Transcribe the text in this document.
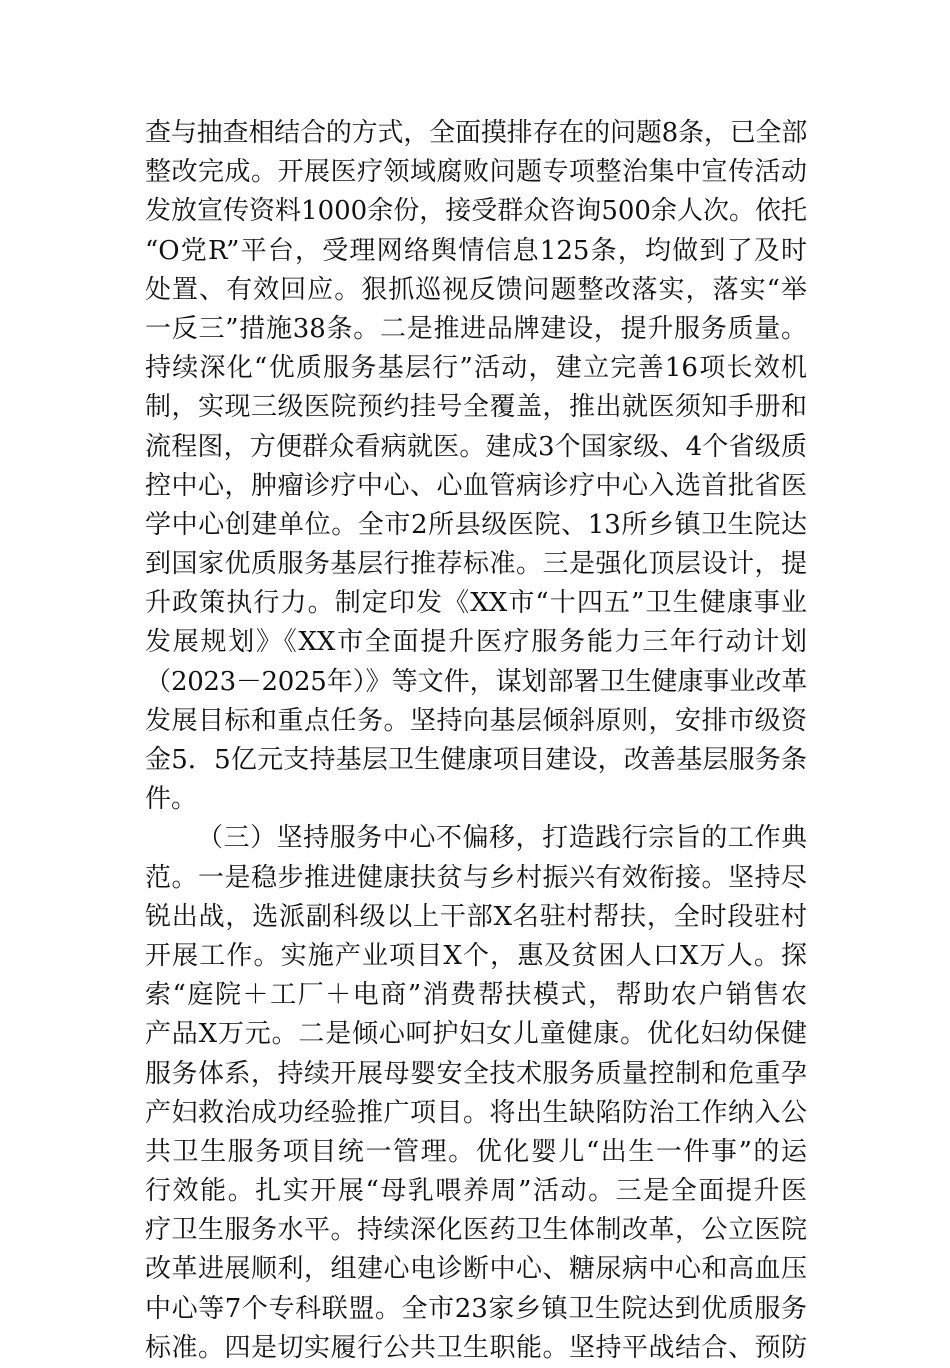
查与抽查相结合的方式，全面摸排存在的问题8条，已全部
整改完成。开展医疗领域腐败问题专项整治集中宣传活动
发放宣传资料1000余份，接受群众咨询500余人次。依托
“O党R”平台，受理网络舆情信息125条，均做到了及时
处置、有效回应。狠抓巡视反馈问题整改落实，落实“举
一反三”措施38条。二是推进品牌建设，提升服务质量。
持续深化“优质服务基层行”活动，建立完善16项长效机
制，实现三级医院预约挂号全覆盖，推出就医须知手册和
流程图，方便群众看病就医。建成3个国家级、4个省级质
控中心，肿瘤诊疗中心、心血管病诊疗中心入选首批省医
学中心创建单位。全市2所县级医院、13所乡镇卫生院达
到国家优质服务基层行推荐标准。三是强化顶层设计，提
升政策执行力。制定印发《XX市“十四五”卫生健康事业
发展规划》《XX市全面提升医疗服务能力三年行动计划
（2023－2025年）》等文件，谋划部署卫生健康事业改革
发展目标和重点任务。坚持向基层倾斜原则，安排市级资
金5．5亿元支持基层卫生健康项目建设，改善基层服务条
件。
（三）坚持服务中心不偏移，打造践行宗旨的工作典
范。一是稳步推进健康扶贫与乡村振兴有效衔接。坚持尽
锐出战，选派副科级以上干部X名驻村帮扶，全时段驻村
开展工作。实施产业项目X个，惠及贫困人口X万人。探
索“庭院＋工厂＋电商”消费帮扶模式，帮助农户销售农
产品X万元。二是倾心呵护妇女儿童健康。优化妇幼保健
服务体系，持续开展母婴安全技术服务质量控制和危重孕
产妇救治成功经验推广项目。将出生缺陷防治工作纳入公
共卫生服务项目统一管理。优化婴儿“出生一件事”的运
行效能。扎实开展“母乳喂养周”活动。三是全面提升医
疗卫生服务水平。持续深化医药卫生体制改革，公立医院
改革进展顺利，组建心电诊断中心、糖尿病中心和高血压
中心等7个专科联盟。全市23家乡镇卫生院达到优质服务
标准。四是切实履行公共卫生职能。坚持平战结合、预防
